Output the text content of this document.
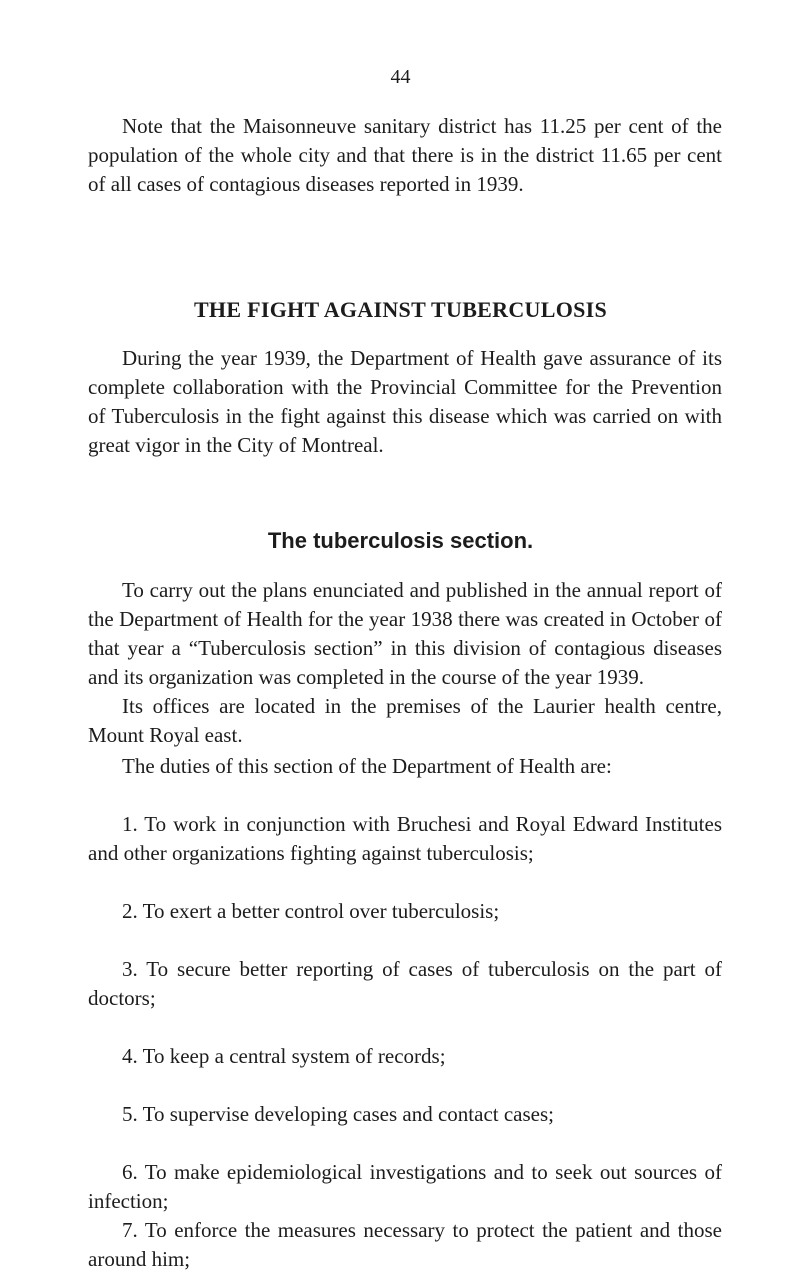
44

Note that the Maisonneuve sanitary district has 11.25 per cent of the population of the whole city and that there is in the district 11.65 per cent of all cases of contagious diseases reported in 1939.

THE FIGHT AGAINST TUBERCULOSIS

During the year 1939, the Department of Health gave assurance of its complete collaboration with the Provincial Committee for the Prevention of Tuberculosis in the fight against this disease which was carried on with great vigor in the City of Montreal.

The tuberculosis section.

To carry out the plans enunciated and published in the annual report of the Department of Health for the year 1938 there was created in October of that year a “Tuberculosis section” in this division of contagious diseases and its organization was completed in the course of the year 1939.

Its offices are located in the premises of the Laurier health centre, Mount Royal east.

The duties of this section of the Department of Health are:

1. To work in conjunction with Bruchesi and Royal Edward Institutes and other organizations fighting against tuberculosis;

2. To exert a better control over tuberculosis;

3. To secure better reporting of cases of tuberculosis on the part of doctors;

4. To keep a central system of records;

5. To supervise developing cases and contact cases;

6. To make epidemiological investigations and to seek out sources of infection;

7. To enforce the measures necessary to protect the patient and those around him;
